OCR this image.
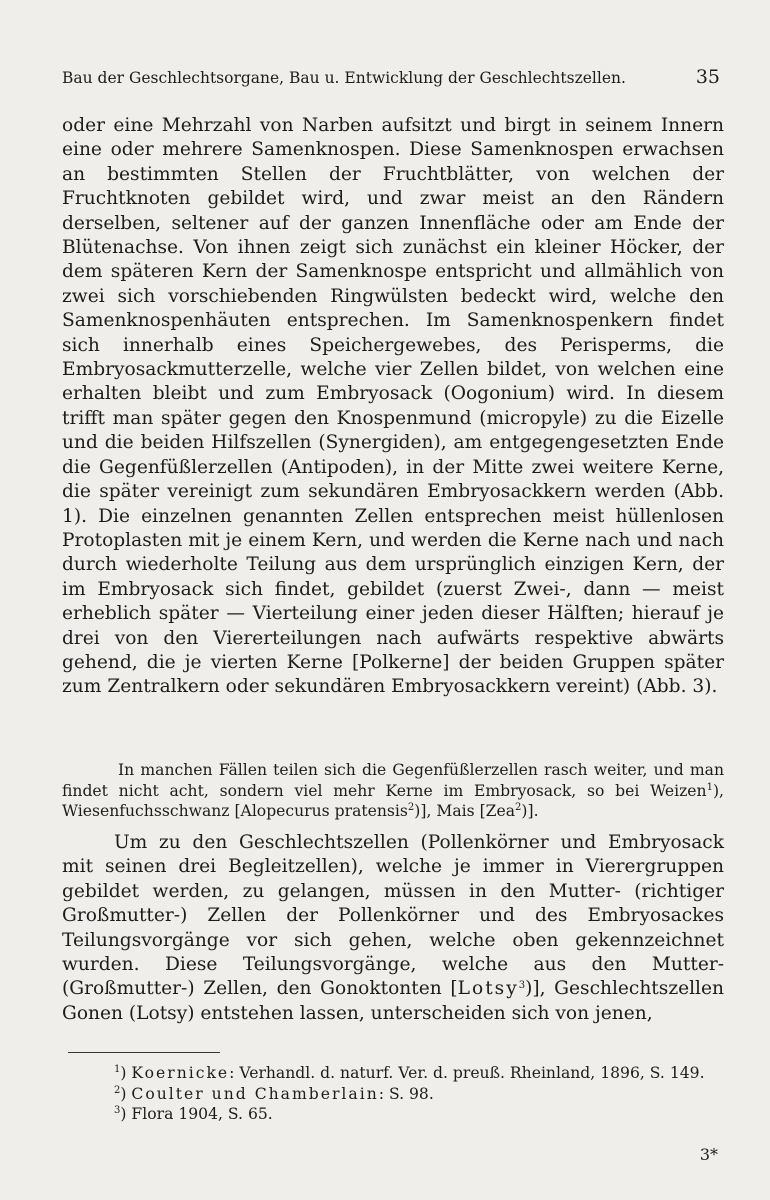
Bau der Geschlechtsorgane, Bau u. Entwicklung der Geschlechtszellen.	35

oder eine Mehrzahl von Narben aufsitzt und birgt in seinem Innern eine oder mehrere Samenknospen. Diese Samenknospen erwachsen an bestimmten Stellen der Fruchtblätter, von welchen der Fruchtknoten gebildet wird, und zwar meist an den Rändern derselben, seltener auf der ganzen Innenfläche oder am Ende der Blütenachse. Von ihnen zeigt sich zunächst ein kleiner Höcker, der dem späteren Kern der Samenknospe entspricht und allmählich von zwei sich vorschiebenden Ringwülsten bedeckt wird, welche den Samenknospenhäuten entsprechen. Im Samenknospenkern findet sich innerhalb eines Speichergewebes, des Perisperms, die Embryosackmutterzelle, welche vier Zellen bildet, von welchen eine erhalten bleibt und zum Embryosack (Oogonium) wird. In diesem trifft man später gegen den Knospenmund (micropyle) zu die Eizelle und die beiden Hilfszellen (Synergiden), am entgegengesetzten Ende die Gegenfüßlerzellen (Antipoden), in der Mitte zwei weitere Kerne, die später vereinigt zum sekundären Embryosackkern werden (Abb. 1). Die einzelnen genannten Zellen entsprechen meist hüllenlosen Protoplasten mit je einem Kern, und werden die Kerne nach und nach durch wiederholte Teilung aus dem ursprünglich einzigen Kern, der im Embryosack sich findet, gebildet (zuerst Zwei-, dann — meist erheblich später — Vierteilung einer jeden dieser Hälften; hierauf je drei von den Viererteilungen nach aufwärts respektive abwärts gehend, die je vierten Kerne [Polkerne] der beiden Gruppen später zum Zentralkern oder sekundären Embryosackkern vereint) (Abb. 3).

In manchen Fällen teilen sich die Gegenfüßlerzellen rasch weiter, und man findet nicht acht, sondern viel mehr Kerne im Embryosack, so bei Weizen$^1$), Wiesenfuchsschwanz [Alopecurus pratensis$^2$)], Mais [Zea$^2$)].

Um zu den Geschlechtszellen (Pollenkörner und Embryosack mit seinen drei Begleitzellen), welche je immer in Vierergruppen gebildet werden, zu gelangen, müssen in den Mutter- (richtiger Großmutter-) Zellen der Pollenkörner und des Embryosackes Teilungsvorgänge vor sich gehen, welche oben gekennzeichnet wurden. Diese Teilungsvorgänge, welche aus den Mutter- (Großmutter-) Zellen, den Gonoktonten [Lotsy$^3$)], Geschlechtszellen Gonen (Lotsy) entstehen lassen, unterscheiden sich von jenen,

$^1$) Koernicke: Verhandl. d. naturf. Ver. d. preuß. Rheinland, 1896, S. 149.

$^2$) Coulter und Chamberlain: S. 98.

$^3$) Flora 1904, S. 65.

3*
